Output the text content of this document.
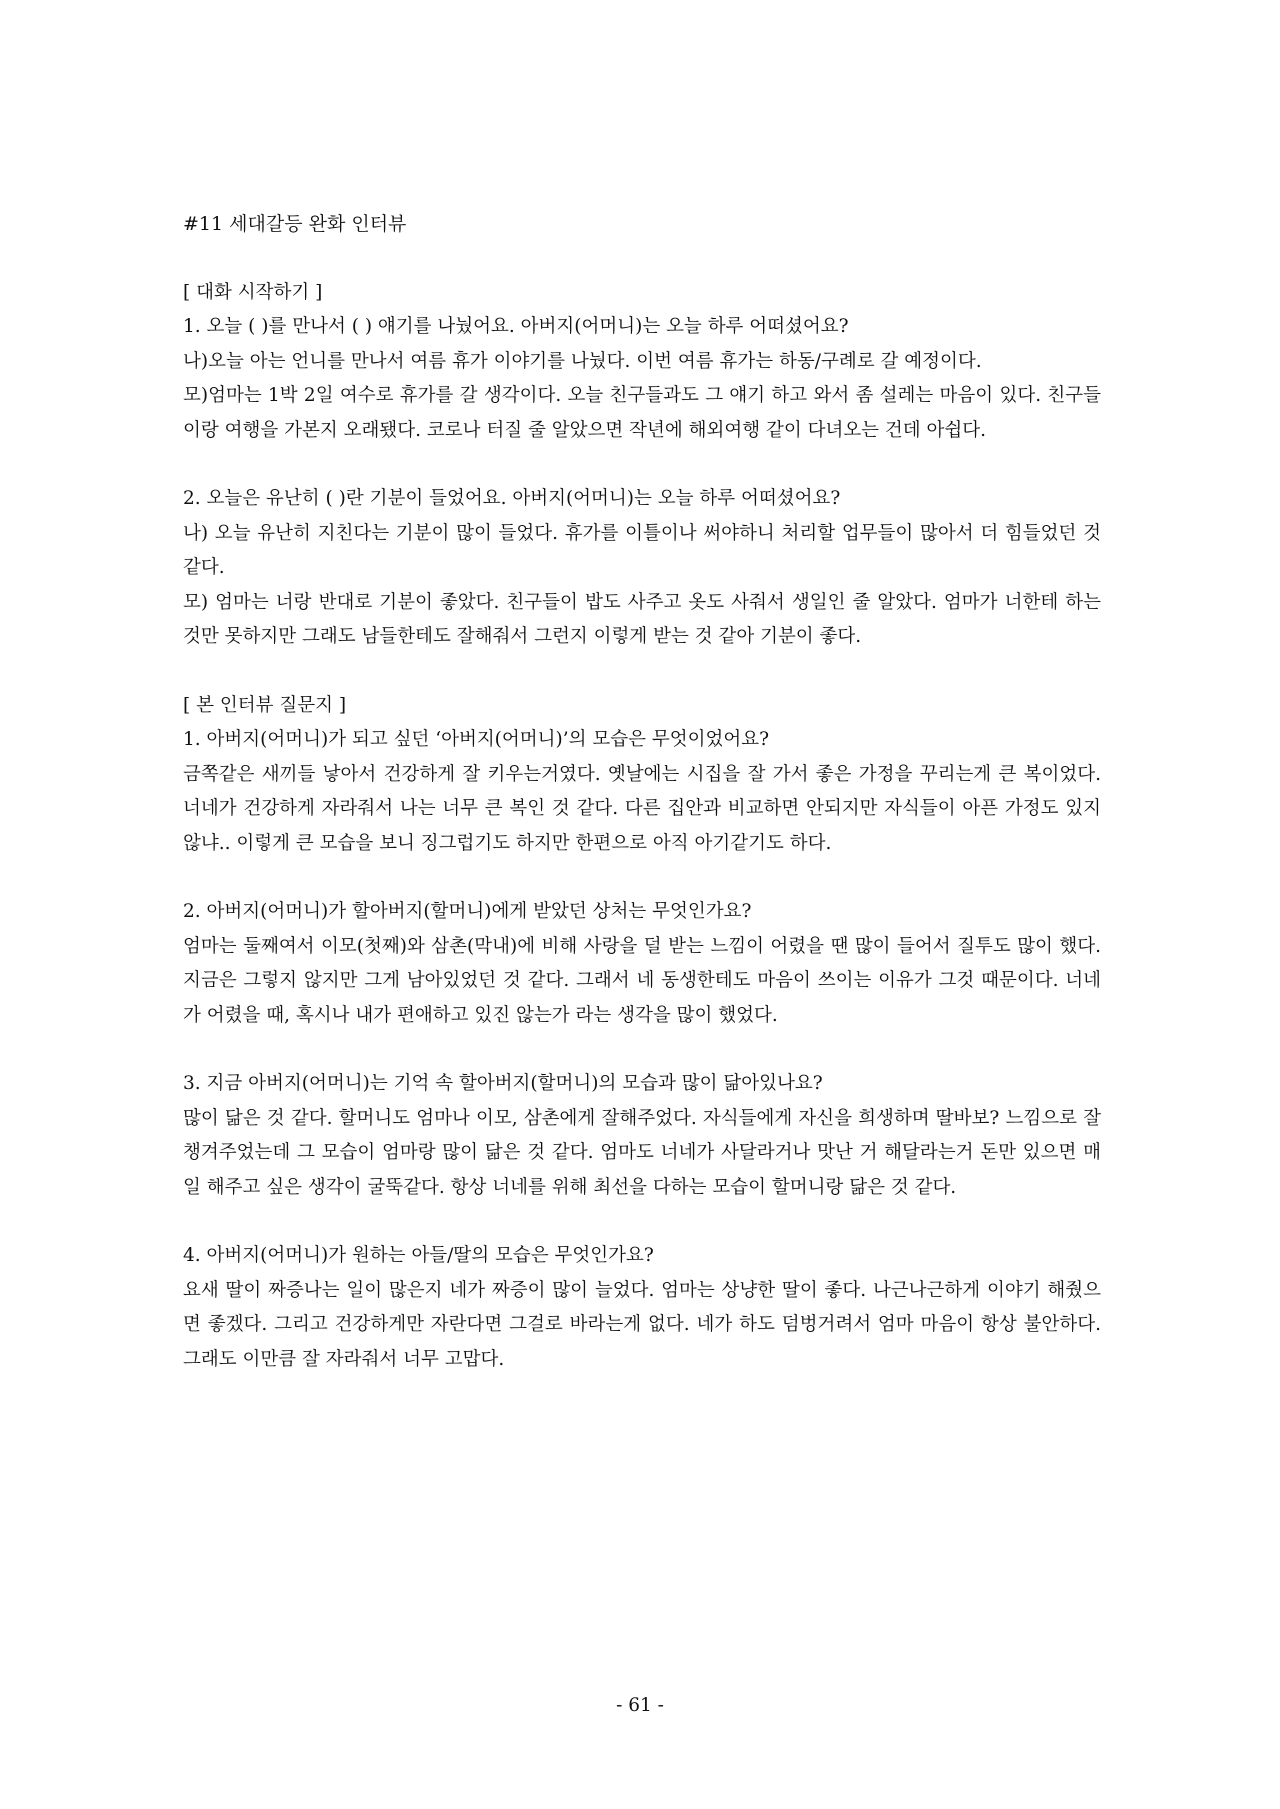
#11 세대갈등 완화 인터뷰

[ 대화 시작하기 ]

1. 오늘 ( )를 만나서 ( ) 얘기를 나눴어요. 아버지(어머니)는 오늘 하루 어떠셨어요?

나)오늘 아는 언니를 만나서 여름 휴가 이야기를 나눴다. 이번 여름 휴가는 하동/구례로 갈 예정이다.

모)엄마는 1박 2일 여수로 휴가를 갈 생각이다. 오늘 친구들과도 그 얘기 하고 와서 좀 설레는 마음이 있다. 친구들이랑 여행을 가본지 오래됐다. 코로나 터질 줄 알았으면 작년에 해외여행 같이 다녀오는 건데 아쉽다.

2. 오늘은 유난히 ( )란 기분이 들었어요. 아버지(어머니)는 오늘 하루 어떠셨어요?

나) 오늘 유난히 지친다는 기분이 많이 들었다. 휴가를 이틀이나 써야하니 처리할 업무들이 많아서 더 힘들었던 것 같다.

모) 엄마는 너랑 반대로 기분이 좋았다. 친구들이 밥도 사주고 옷도 사줘서 생일인 줄 알았다. 엄마가 너한테 하는 것만 못하지만 그래도 남들한테도 잘해줘서 그런지 이렇게 받는 것 같아 기분이 좋다.

[ 본 인터뷰 질문지 ]

1. 아버지(어머니)가 되고 싶던 ‘아버지(어머니)’의 모습은 무엇이었어요?

금쪽같은 새끼들 낳아서 건강하게 잘 키우는거였다. 옛날에는 시집을 잘 가서 좋은 가정을 꾸리는게 큰 복이었다. 너네가 건강하게 자라줘서 나는 너무 큰 복인 것 같다. 다른 집안과 비교하면 안되지만 자식들이 아픈 가정도 있지 않냐.. 이렇게 큰 모습을 보니 징그럽기도 하지만 한편으로 아직 아기같기도 하다.

2. 아버지(어머니)가 할아버지(할머니)에게 받았던 상처는 무엇인가요?

엄마는 둘째여서 이모(첫째)와 삼촌(막내)에 비해 사랑을 덜 받는 느낌이 어렸을 땐 많이 들어서 질투도 많이 했다. 지금은 그렇지 않지만 그게 남아있었던 것 같다. 그래서 네 동생한테도 마음이 쓰이는 이유가 그것 때문이다. 너네가 어렸을 때, 혹시나 내가 편애하고 있진 않는가 라는 생각을 많이 했었다.

3. 지금 아버지(어머니)는 기억 속 할아버지(할머니)의 모습과 많이 닮아있나요?

많이 닮은 것 같다. 할머니도 엄마나 이모, 삼촌에게 잘해주었다. 자식들에게 자신을 희생하며 딸바보? 느낌으로 잘 챙겨주었는데 그 모습이 엄마랑 많이 닮은 것 같다. 엄마도 너네가 사달라거나 맛난 거 해달라는거 돈만 있으면 매일 해주고 싶은 생각이 굴뚝같다. 항상 너네를 위해 최선을 다하는 모습이 할머니랑 닮은 것 같다.

4. 아버지(어머니)가 원하는 아들/딸의 모습은 무엇인가요?

요새 딸이 짜증나는 일이 많은지 네가 짜증이 많이 늘었다. 엄마는 상냥한 딸이 좋다. 나근나근하게 이야기 해줬으면 좋겠다. 그리고 건강하게만 자란다면 그걸로 바라는게 없다. 네가 하도 덤벙거려서 엄마 마음이 항상 불안하다. 그래도 이만큼 잘 자라줘서 너무 고맙다.

- 61 -
